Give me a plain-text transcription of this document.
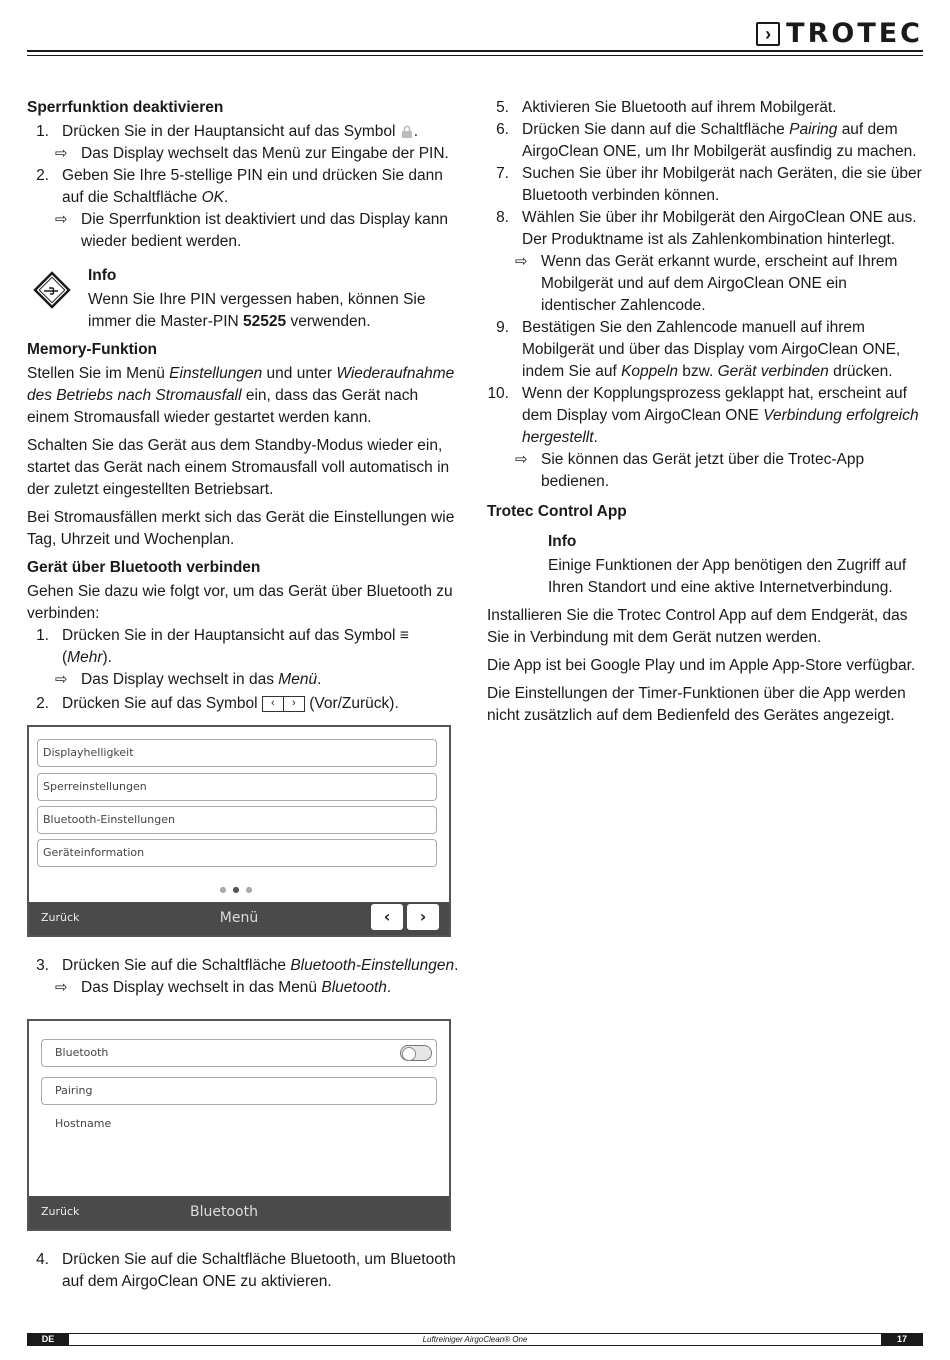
› TROTEC
Sperrfunktion deaktivieren
1. Drücken Sie in der Hauptansicht auf das Symbol .
⇨ Das Display wechselt das Menü zur Eingabe der PIN.
2. Geben Sie Ihre 5-stellige PIN ein und drücken Sie dann auf die Schaltfläche OK.
⇨ Die Sperrfunktion ist deaktiviert und das Display kann wieder bedient werden.
Info
Wenn Sie Ihre PIN vergessen haben, können Sie immer die Master-PIN 52525 verwenden.
Memory-Funktion

Stellen Sie im Menü Einstellungen und unter Wiederaufnahme des Betriebs nach Stromausfall ein, dass das Gerät nach einem Stromausfall wieder gestartet werden kann.

Schalten Sie das Gerät aus dem Standby-Modus wieder ein, startet das Gerät nach einem Stromausfall voll automatisch in der zuletzt eingestellten Betriebsart.

Bei Stromausfällen merkt sich das Gerät die Einstellungen wie Tag, Uhrzeit und Wochenplan.

Gerät über Bluetooth verbinden
Gehen Sie dazu wie folgt vor, um das Gerät über Bluetooth zu verbinden:
1. Drücken Sie in der Hauptansicht auf das Symbol ≡ (Mehr).
⇨ Das Display wechselt in das Menü.
2. Drücken Sie auf das Symbol	‹	› (Vor/Zurück).
Displayhelligkeit
Sperreinstellungen
Bluetooth-Einstellungen
Geräteinformation
●●●
Zurück	Menü	‹	›
3. Drücken Sie auf die Schaltfläche Bluetooth-Einstellungen.
⇨ Das Display wechselt in das Menü Bluetooth.
Bluetooth
Pairing
Hostname
Zurück	Bluetooth
4. Drücken Sie auf die Schaltfläche Bluetooth, um Bluetooth auf dem AirgoClean ONE zu aktivieren.
5. Aktivieren Sie Bluetooth auf ihrem Mobilgerät.
6. Drücken Sie dann auf die Schaltfläche Pairing auf dem AirgoClean ONE, um Ihr Mobilgerät ausfindig zu machen.
7. Suchen Sie über ihr Mobilgerät nach Geräten, die sie über Bluetooth verbinden können.
8. Wählen Sie über ihr Mobilgerät den AirgoClean ONE aus. Der Produktname ist als Zahlenkombination hinterlegt.
⇨ Wenn das Gerät erkannt wurde, erscheint auf Ihrem Mobilgerät und auf dem AirgoClean ONE ein identischer Zahlencode.
9. Bestätigen Sie den Zahlencode manuell auf ihrem Mobilgerät und über das Display vom AirgoClean ONE, indem Sie auf Koppeln bzw. Gerät verbinden drücken.
10. Wenn der Kopplungsprozess geklappt hat, erscheint auf dem Display vom AirgoClean ONE Verbindung erfolgreich hergestellt.
⇨ Sie können das Gerät jetzt über die Trotec-App bedienen.
Trotec Control App
Info
Einige Funktionen der App benötigen den Zugriff auf Ihren Standort und eine aktive Internetverbindung.

Installieren Sie die Trotec Control App auf dem Endgerät, das Sie in Verbindung mit dem Gerät nutzen werden.

Die App ist bei Google Play und im Apple App-Store verfügbar.

Die Einstellungen der Timer-Funktionen über die App werden nicht zusätzlich auf dem Bedienfeld des Gerätes angezeigt.

DE	Luftreiniger AirgoClean® One	17
